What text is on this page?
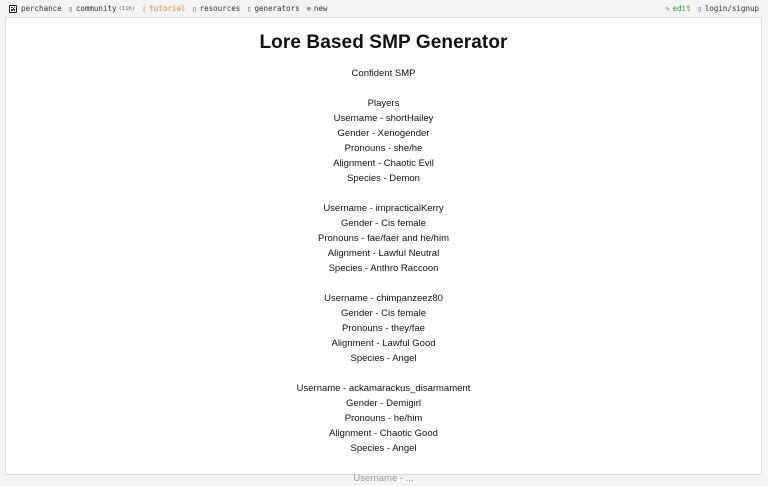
perchance ▯ community (11h) ▯ tutorial ▯ resources ▯ generators ⊕ new	✎ edit ▯ login/signup
Lore Based SMP Generator
Confident SMP
Players
Username - shortHailey
Gender - Xenogender
Pronouns - she/he
Alignment - Chaotic Evil
Species - Demon
Username - impracticalKerry
Gender - Cis female
Pronouns - fae/faer and he/him
Alignment - Lawful Neutral
Species - Anthro Raccoon
Username - chimpanzeez80
Gender - Cis female
Pronouns - they/fae
Alignment - Lawful Good
Species - Angel
Username - ackamarackus_disarmament
Gender - Demigirl
Pronouns - he/him
Alignment - Chaotic Good
Species - Angel
Username - ...
